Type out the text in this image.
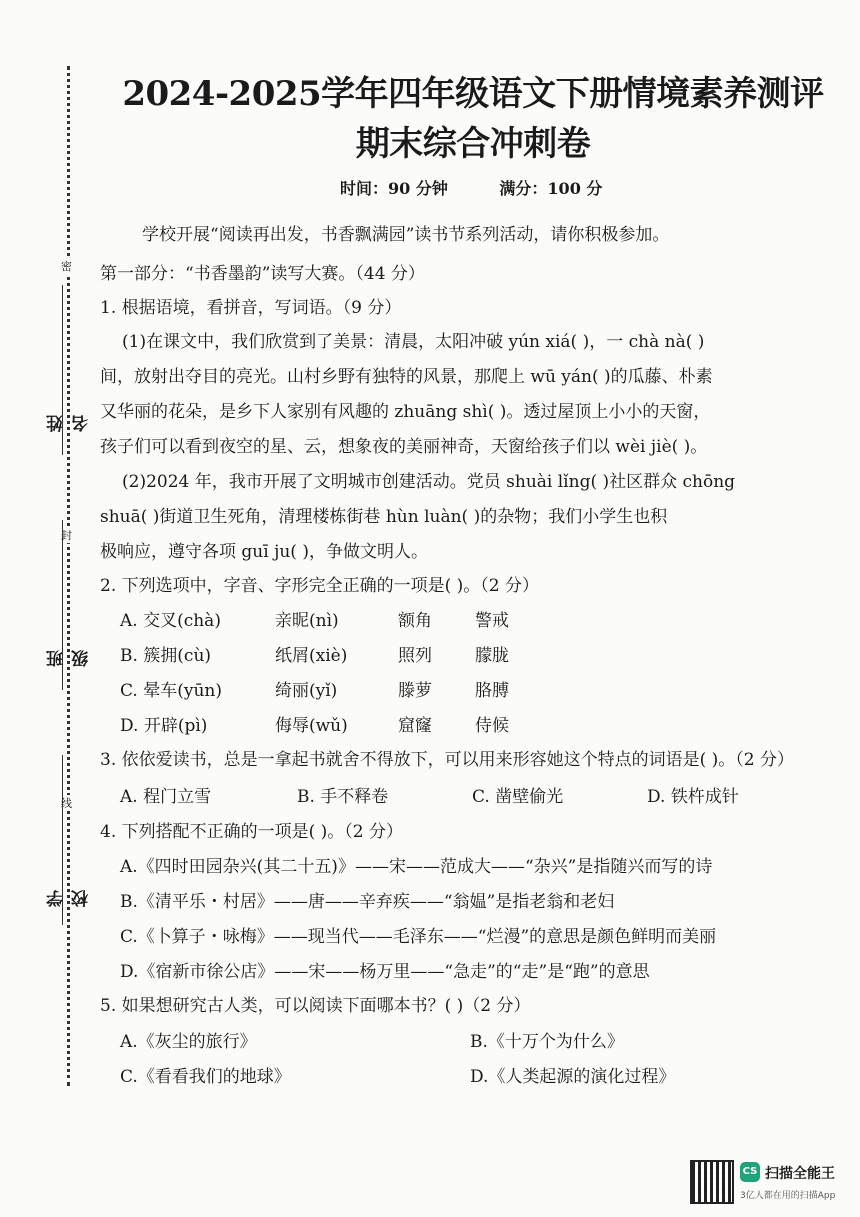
密
封
线
姓名
班级
学校
2024-2025学年四年级语文下册情境素养测评
期末综合冲刺卷
时间：90 分钟	满分：100 分
学校开展“阅读再出发，书香飘满园”读书节系列活动，请你积极参加。
第一部分：“书香墨韵”读写大赛。（44 分）
1. 根据语境，看拼音，写词语。（9 分）
(1)在课文中，我们欣赏到了美景：清晨，太阳冲破 yún xiá( )，一 chà nà( )
间，放射出夺目的亮光。山村乡野有独特的风景，那爬上 wū yán( )的瓜藤、朴素
又华丽的花朵，是乡下人家别有风趣的 zhuāng shì( )。透过屋顶上小小的天窗，
孩子们可以看到夜空的星、云，想象夜的美丽神奇，天窗给孩子们以 wèi jiè( )。
(2)2024 年，我市开展了文明城市创建活动。党员 shuài lǐng( )社区群众 chōng
shuā( )街道卫生死角，清理楼栋街巷 hùn luàn( )的杂物；我们小学生也积
极响应，遵守各项 guī ju( )，争做文明人。
2. 下列选项中，字音、字形完全正确的一项是( )。（2 分）
A. 交叉(chà)	亲昵(nì)	额角	警戒
B. 簇拥(cù)	纸屑(xiè)	照列	朦胧
C. 晕车(yūn)	绮丽(yǐ)	滕萝	胳膊
D. 开辟(pì)	侮辱(wǔ)	窟窿	侍候
3. 依依爱读书，总是一拿起书就舍不得放下，可以用来形容她这个特点的词语是( )。（2 分）
A. 程门立雪	B. 手不释卷	C. 凿壁偷光	D. 铁杵成针
4. 下列搭配不正确的一项是( )。（2 分）
A.《四时田园杂兴(其二十五)》——宋——范成大——“杂兴”是指随兴而写的诗
B.《清平乐・村居》——唐——辛弃疾——“翁媪”是指老翁和老妇
C.《卜算子・咏梅》——现当代——毛泽东——“烂漫”的意思是颜色鲜明而美丽
D.《宿新市徐公店》——宋——杨万里——“急走”的“走”是“跑”的意思
5. 如果想研究古人类，可以阅读下面哪本书？( )（2 分）
A.《灰尘的旅行》	B.《十万个为什么》
C.《看看我们的地球》	D.《人类起源的演化过程》
CS 扫描全能王
3亿人都在用的扫描App
